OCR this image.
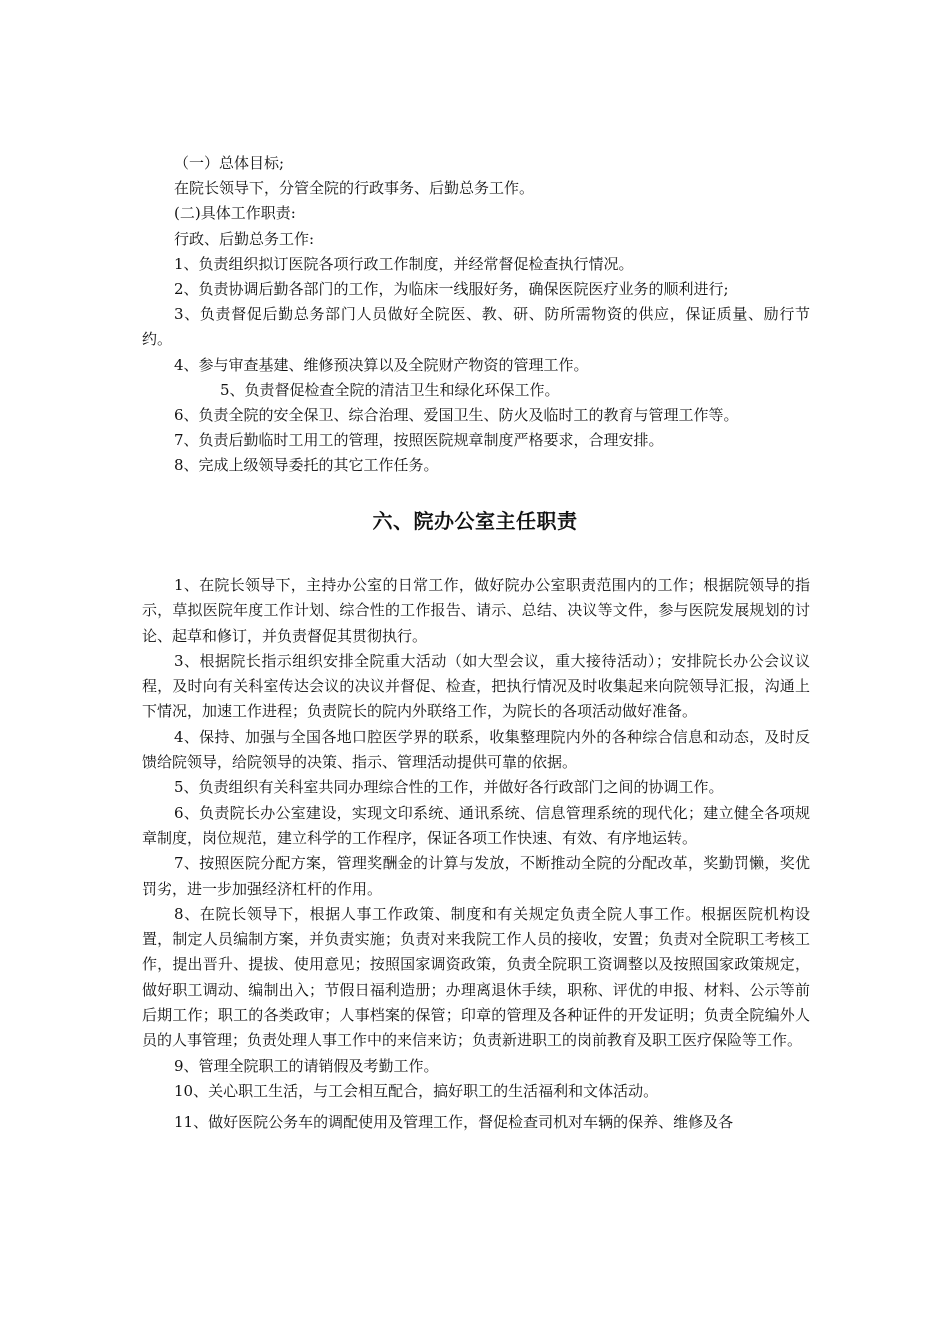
（一）总体目标;

在院长领导下，分管全院的行政事务、后勤总务工作。

(二)具体工作职责:

行政、后勤总务工作:

1、负责组织拟订医院各项行政工作制度，并经常督促检查执行情况。

2、负责协调后勤各部门的工作，为临床一线服好务，确保医院医疗业务的顺利进行;

3、负责督促后勤总务部门人员做好全院医、教、研、防所需物资的供应，保证质量、励行节约。

4、参与审查基建、维修预决算以及全院财产物资的管理工作。

5、负责督促检查全院的清洁卫生和绿化环保工作。

6、负责全院的安全保卫、综合治理、爱国卫生、防火及临时工的教育与管理工作等。

7、负责后勤临时工用工的管理，按照医院规章制度严格要求，合理安排。

8、完成上级领导委托的其它工作任务。

六、院办公室主任职责

1、在院长领导下，主持办公室的日常工作，做好院办公室职责范围内的工作；根据院领导的指示，草拟医院年度工作计划、综合性的工作报告、请示、总结、决议等文件，参与医院发展规划的讨论、起草和修订，并负责督促其贯彻执行。

3、根据院长指示组织安排全院重大活动（如大型会议，重大接待活动）；安排院长办公会议议程，及时向有关科室传达会议的决议并督促、检查，把执行情况及时收集起来向院领导汇报，沟通上下情况，加速工作进程；负责院长的院内外联络工作，为院长的各项活动做好准备。

4、保持、加强与全国各地口腔医学界的联系，收集整理院内外的各种综合信息和动态，及时反馈给院领导，给院领导的决策、指示、管理活动提供可靠的依据。

5、负责组织有关科室共同办理综合性的工作，并做好各行政部门之间的协调工作。

6、负责院长办公室建设，实现文印系统、通讯系统、信息管理系统的现代化；建立健全各项规章制度，岗位规范，建立科学的工作程序，保证各项工作快速、有效、有序地运转。

7、按照医院分配方案，管理奖酬金的计算与发放，不断推动全院的分配改革，奖勤罚懒，奖优罚劣，进一步加强经济杠杆的作用。

8、在院长领导下，根据人事工作政策、制度和有关规定负责全院人事工作。根据医院机构设置，制定人员编制方案，并负责实施；负责对来我院工作人员的接收，安置；负责对全院职工考核工作，提出晋升、提拔、使用意见；按照国家调资政策，负责全院职工资调整以及按照国家政策规定，做好职工调动、编制出入；节假日福利造册；办理离退休手续，职称、评优的申报、材料、公示等前后期工作；职工的各类政审；人事档案的保管；印章的管理及各种证件的开发证明；负责全院编外人员的人事管理；负责处理人事工作中的来信来访；负责新进职工的岗前教育及职工医疗保险等工作。

9、管理全院职工的请销假及考勤工作。

10、关心职工生活，与工会相互配合，搞好职工的生活福利和文体活动。

11、做好医院公务车的调配使用及管理工作，督促检查司机对车辆的保养、维修及各
